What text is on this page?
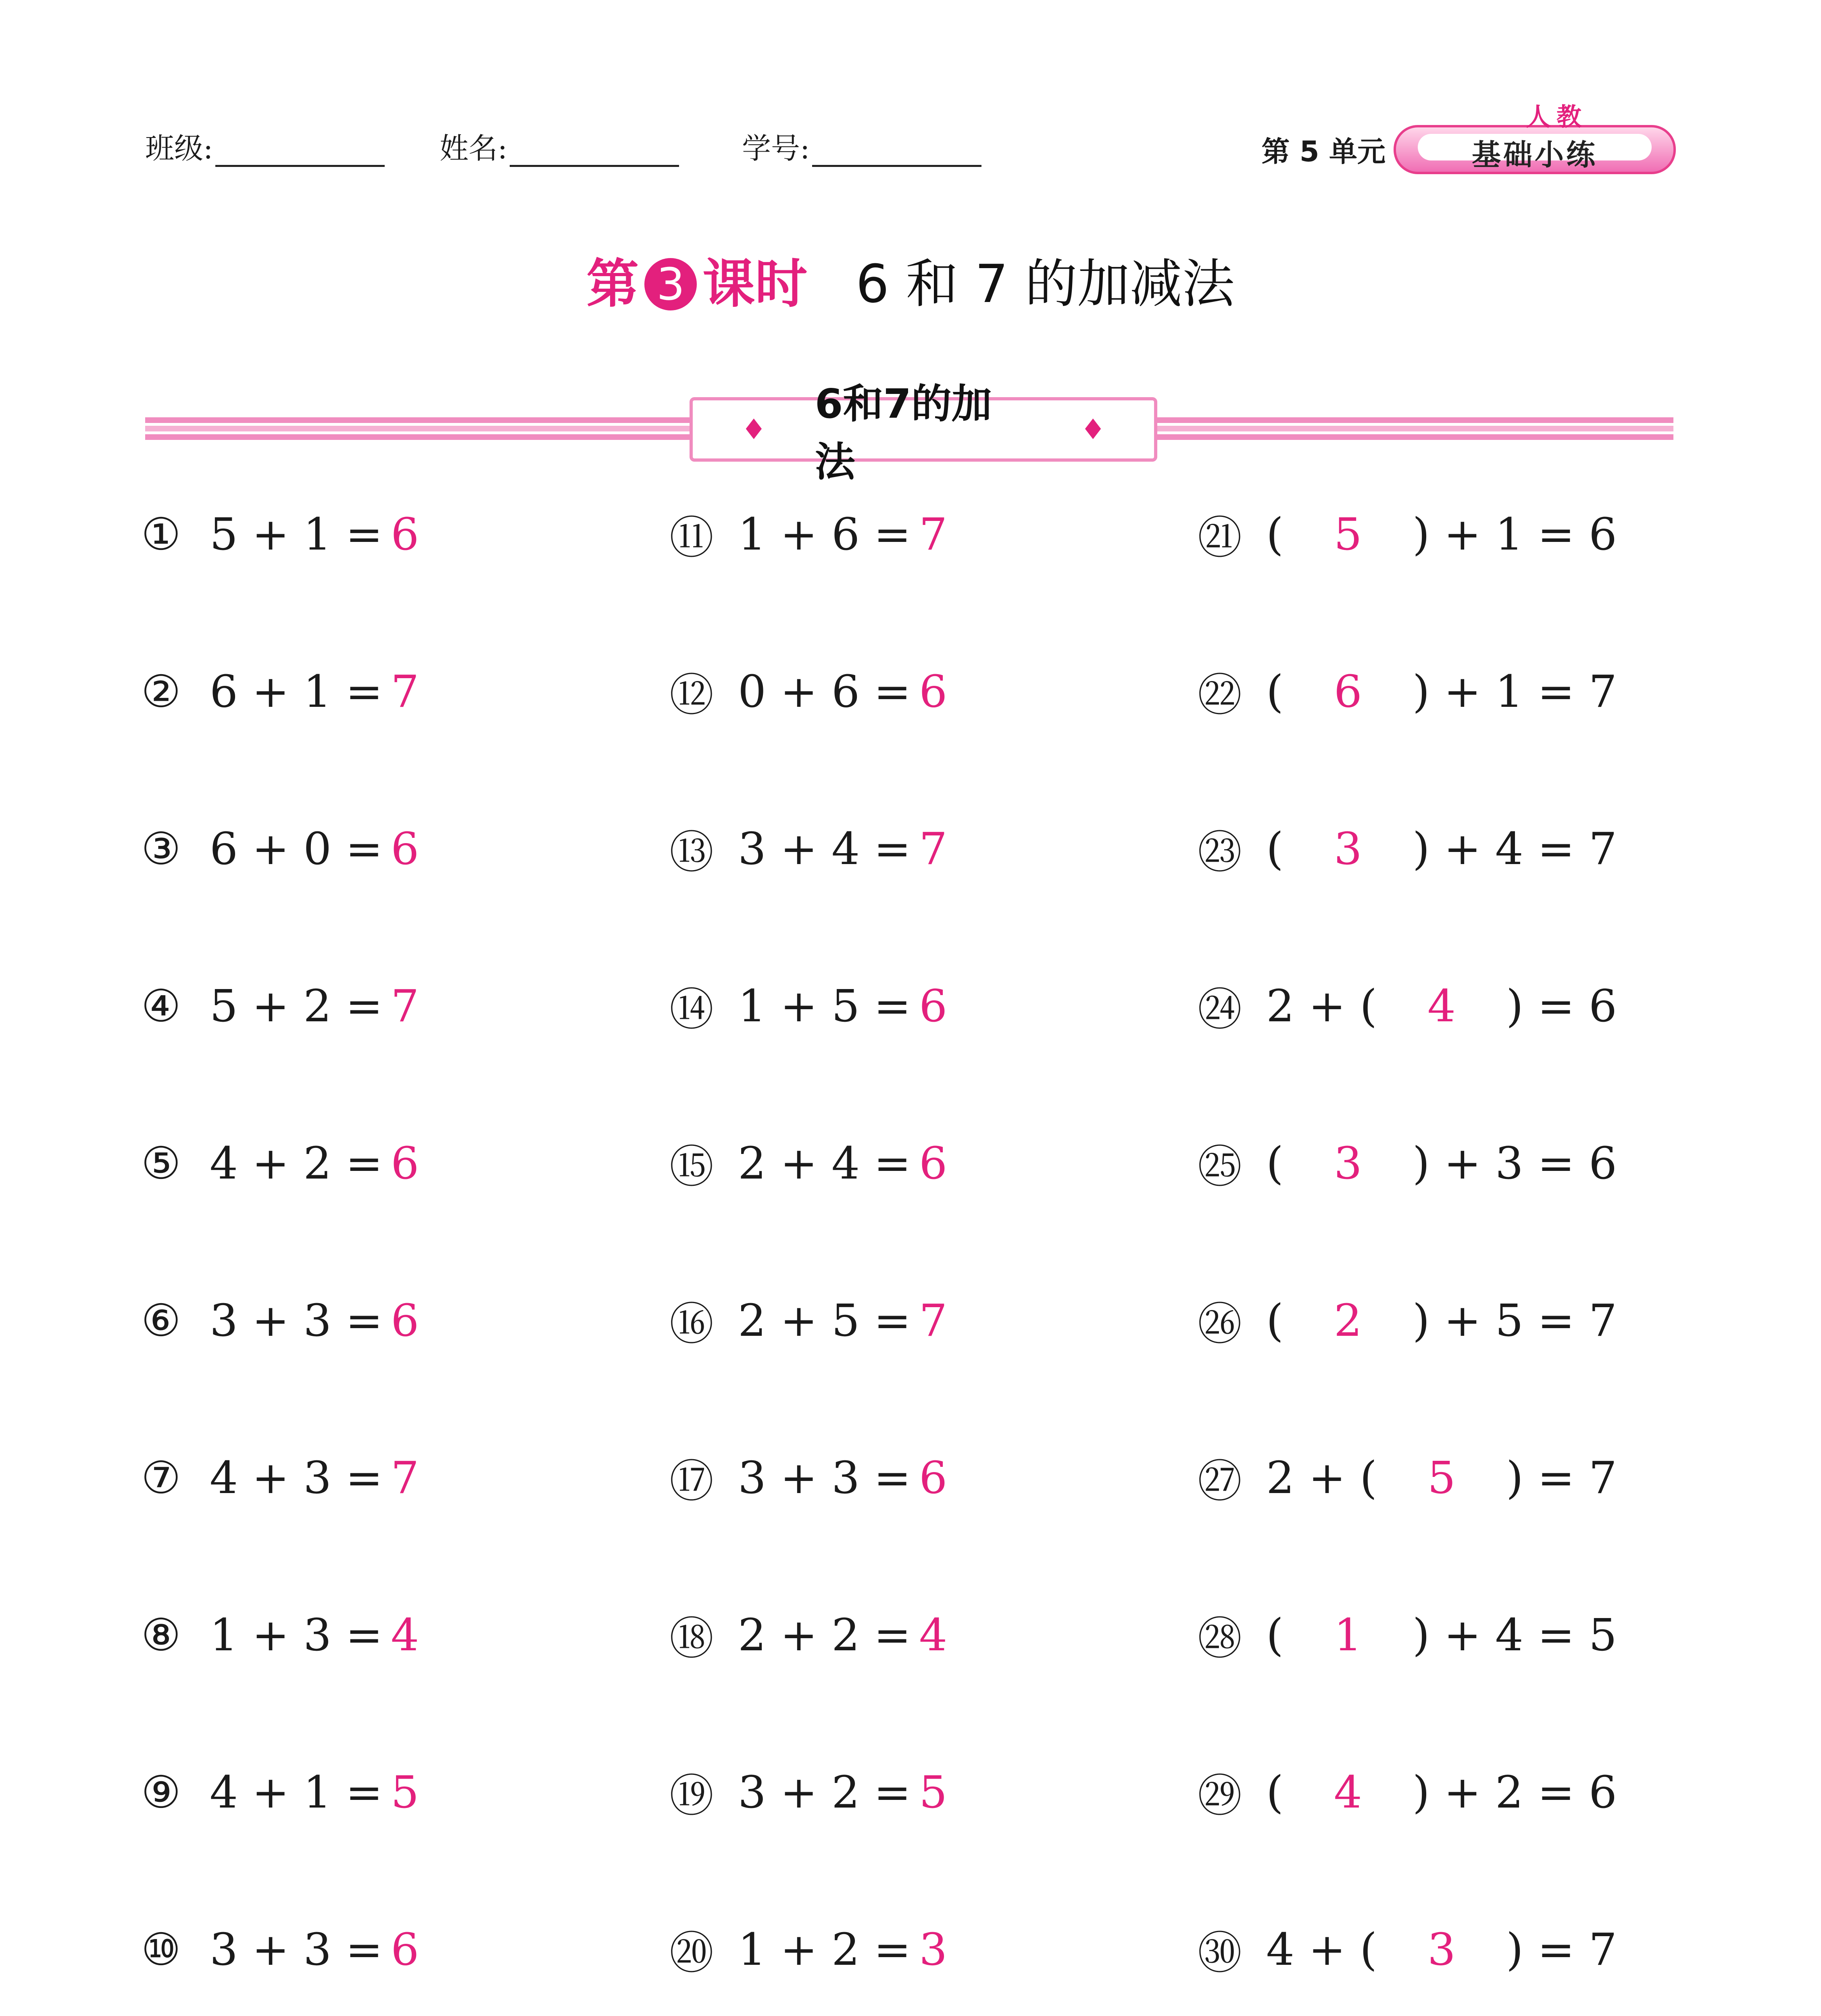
班级:	姓名:	学号:	第 5 单元
人教
基础小练
第 3 课时 6 和 7 的加减法
♦
6和7的加法
♦
① 5 + 1 = 6
② 6 + 1 = 7
③ 6 + 0 = 6
④ 5 + 2 = 7
⑤ 4 + 2 = 6
⑥ 3 + 3 = 6
⑦ 4 + 3 = 7
⑧ 1 + 3 = 4
⑨ 4 + 1 = 5
⑩ 3 + 3 = 6
⑪ 1 + 6 = 7
⑫ 0 + 6 = 6
⑬ 3 + 4 = 7
⑭ 1 + 5 = 6
⑮ 2 + 4 = 6
⑯ 2 + 5 = 7
⑰ 3 + 3 = 6
⑱ 2 + 2 = 4
⑲ 3 + 2 = 5
⑳ 1 + 2 = 3
㉑ (	5	) + 1 = 6
㉒ (	6	) + 1 = 7
㉓ (	3	) + 4 = 7
㉔ 2 + (	4	) = 6
㉕ (	3	) + 3 = 6
㉖ (	2	) + 5 = 7
㉗ 2 + (	5	) = 7
㉘ (	1	) + 4 = 5
㉙ (	4	) + 2 = 6
㉚ 4 + (	3	) = 7
